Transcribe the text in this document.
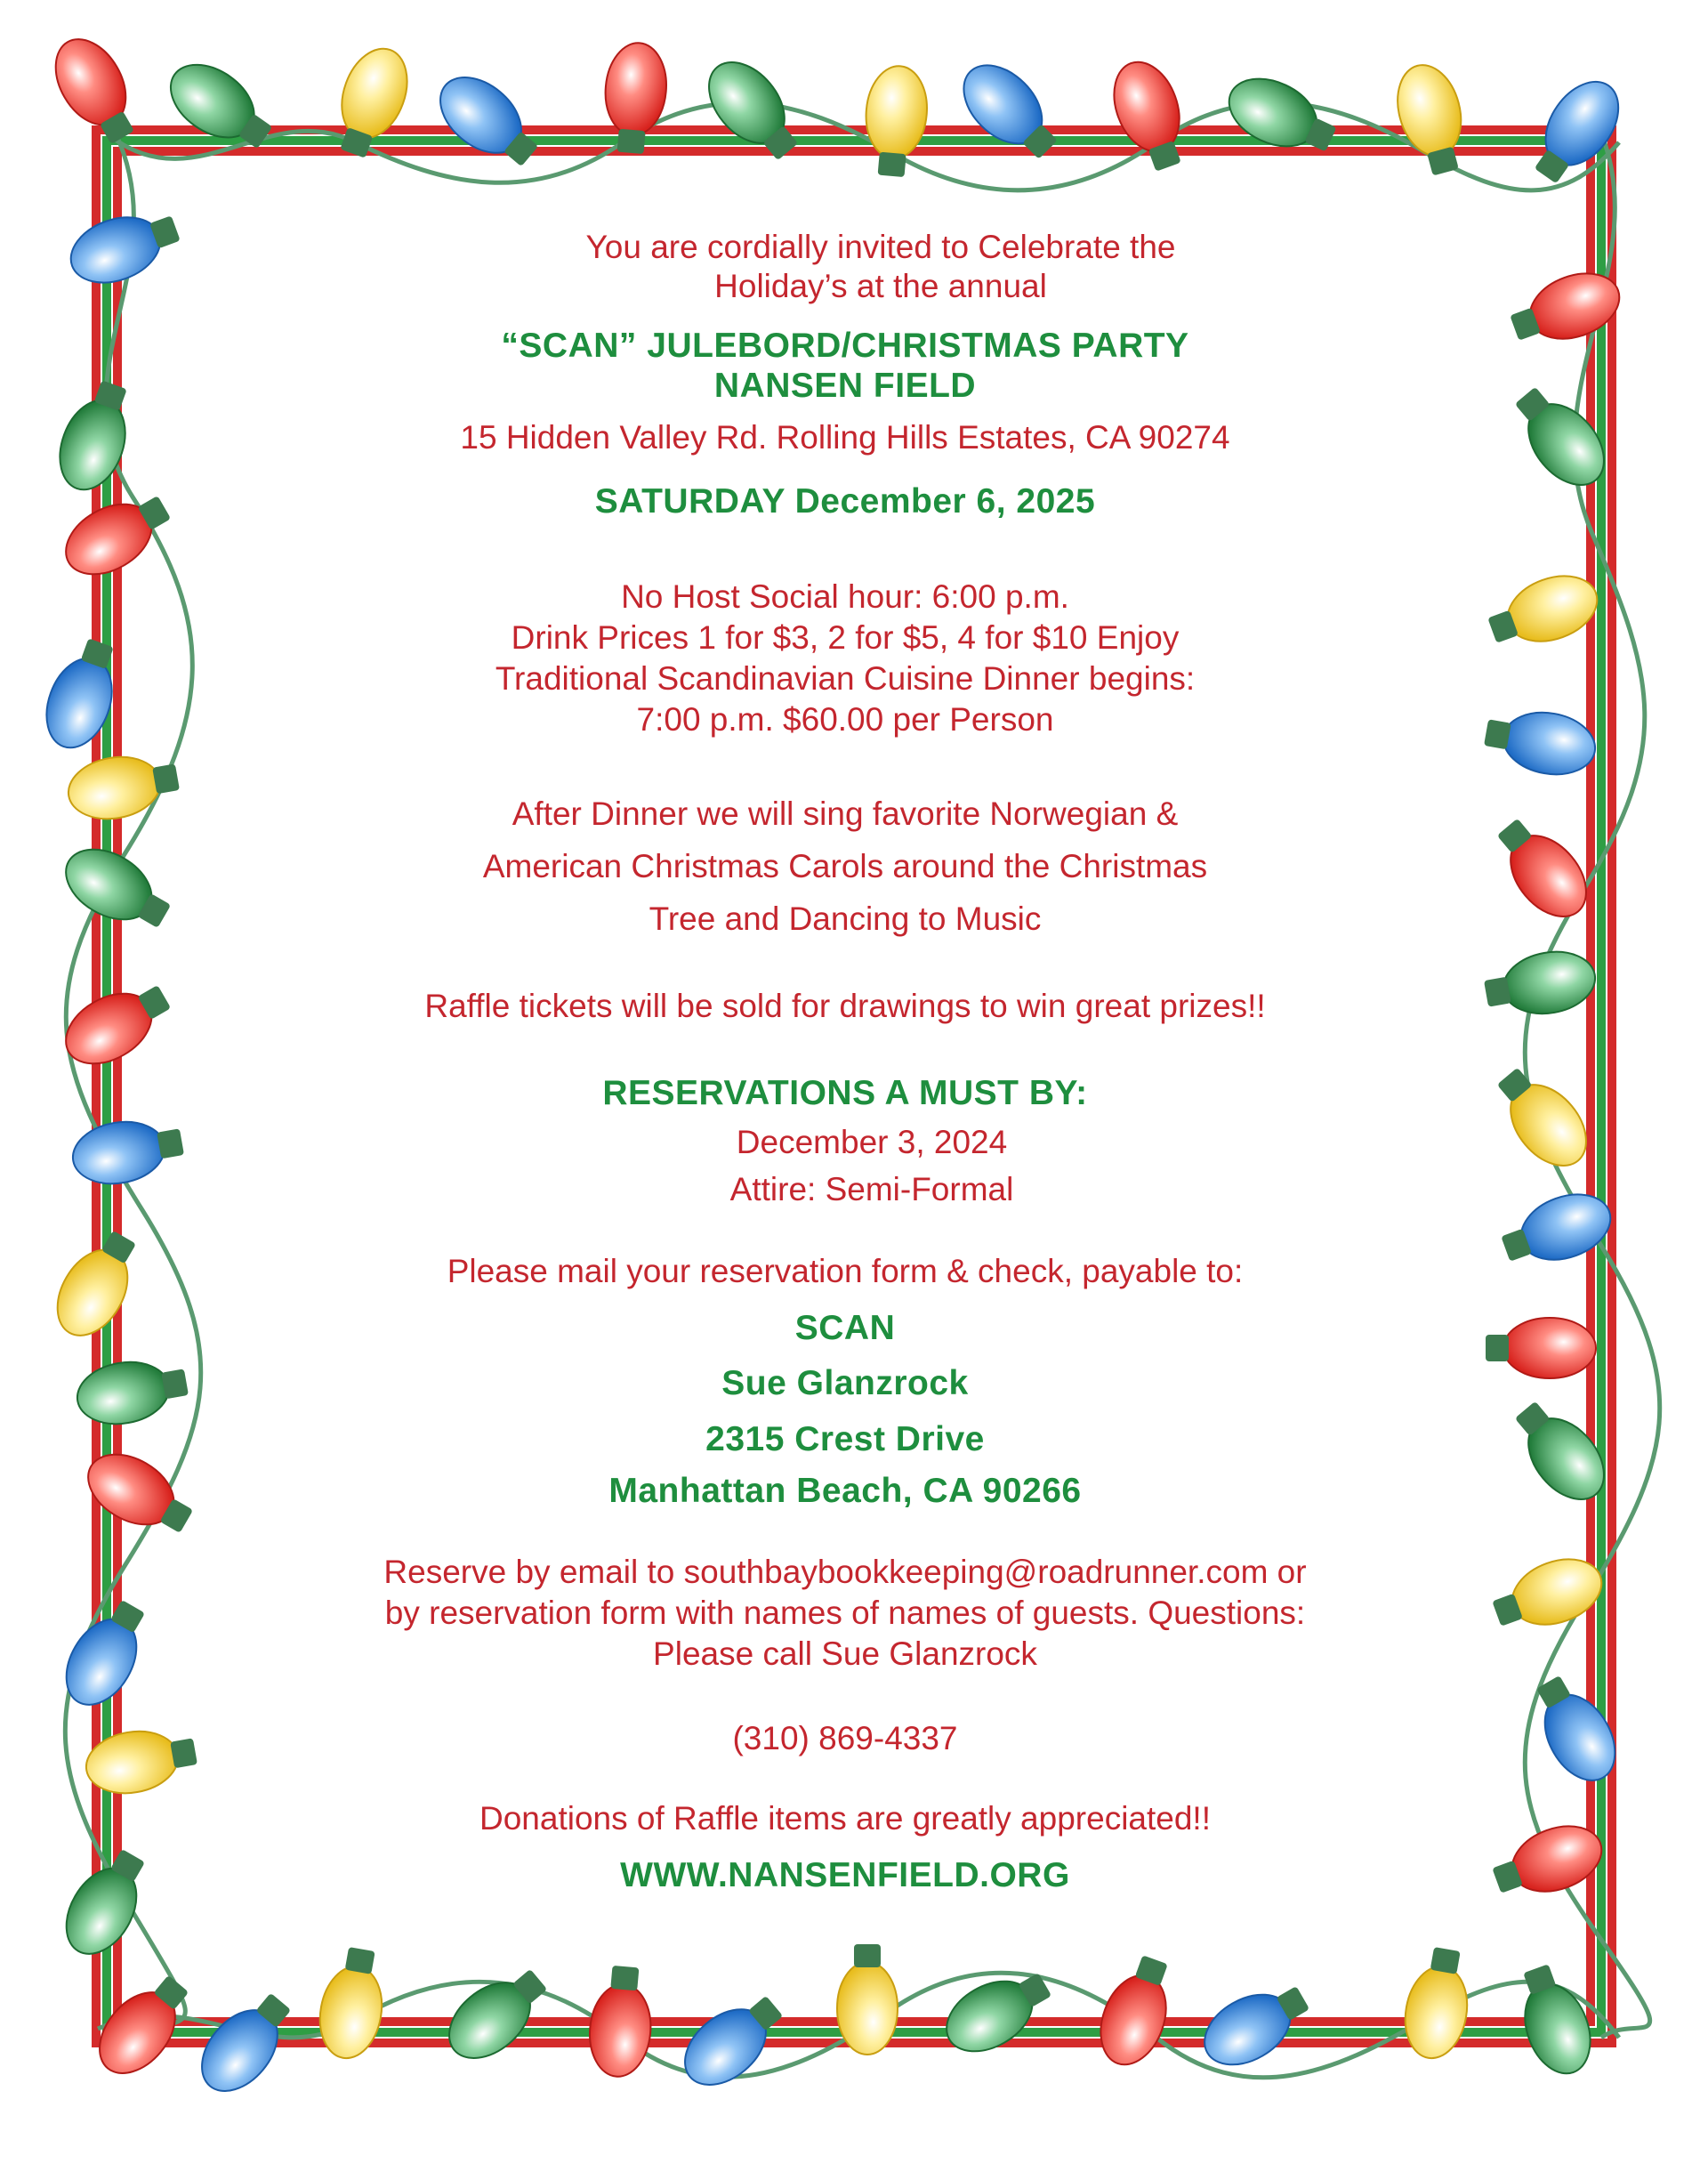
You are cordially invited to Celebrate the

Holiday’s at the annual

“SCAN” JULEBORD/CHRISTMAS PARTY

NANSEN FIELD

15 Hidden Valley Rd. Rolling Hills Estates, CA 90274

SATURDAY December 6, 2025

No Host Social hour: 6:00 p.m.

Drink Prices 1 for $3, 2 for $5, 4 for $10 Enjoy

Traditional Scandinavian Cuisine Dinner begins:

7:00 p.m. $60.00 per Person

After Dinner we will sing favorite Norwegian &

American Christmas Carols around the Christmas

Tree and Dancing to Music

Raffle tickets will be sold for drawings to win great prizes!!

RESERVATIONS A MUST BY:

December 3, 2024

Attire: Semi-Formal

Please mail your reservation form & check, payable to:

SCAN

Sue Glanzrock

2315 Crest Drive

Manhattan Beach, CA 90266

Reserve by email to southbaybookkeeping@roadrunner.com or

by reservation form with names of names of guests. Questions:

Please call Sue Glanzrock

(310) 869-4337

Donations of Raffle items are greatly appreciated!!

WWW.NANSENFIELD.ORG
